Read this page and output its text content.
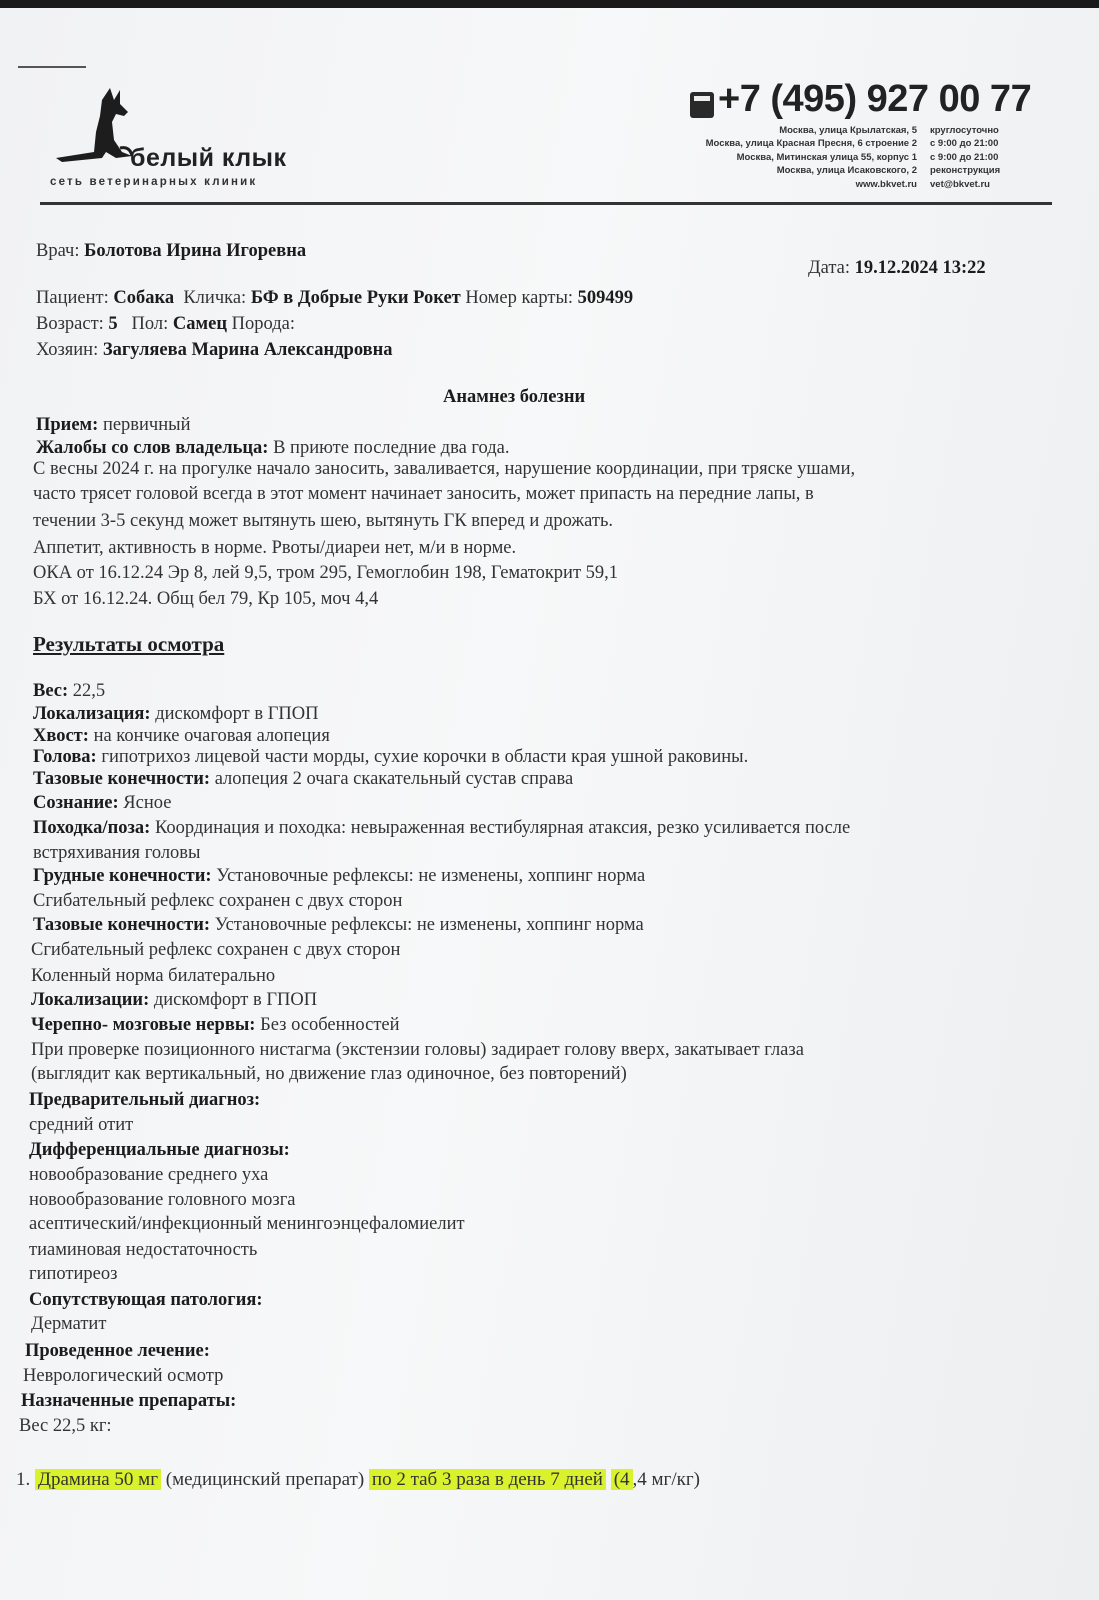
белый клык
сеть ветеринарных клиник
+7 (495) 927 00 77
Москва, улица Крылатская, 5
Москва, улица Красная Пресня, 6 строение 2
Москва, Митинская улица 55, корпус 1
Москва, улица Исаковского, 2
www.bkvet.ru
круглосуточно
с 9:00 до 21:00
с 9:00 до 21:00
реконструкция
vet@bkvet.ru
Врач: Болотова Ирина Игоревна
Дата: 19.12.2024 13:22
Пациент: Собака Кличка: БФ в Добрые Руки Рокет Номер карты: 509499
Возраст: 5 Пол: Самец Порода:
Хозяин: Загуляева Марина Александровна
Анамнез болезни
Прием: первичный
Жалобы со слов владельца: В приюте последние два года.
С весны 2024 г. на прогулке начало заносить, заваливается, нарушение координации, при тряске ушами,
часто трясет головой всегда в этот момент начинает заносить, может припасть на передние лапы, в
течении 3-5 секунд может вытянуть шею, вытянуть ГК вперед и дрожать.
Аппетит, активность в норме. Рвоты/диареи нет, м/и в норме.
ОКА от 16.12.24 Эр 8, лей 9,5, тром 295, Гемоглобин 198, Гематокрит 59,1
БХ от 16.12.24. Общ бел 79, Кр 105, моч 4,4
Результаты осмотра
Вес: 22,5
Локализация: дискомфорт в ГПОП
Хвост: на кончике очаговая алопеция
Голова: гипотрихоз лицевой части морды, сухие корочки в области края ушной раковины.
Тазовые конечности: алопеция 2 очага скакательный сустав справа
Сознание: Ясное
Походка/поза: Координация и походка: невыраженная вестибулярная атаксия, резко усиливается после
встряхивания головы
Грудные конечности: Установочные рефлексы: не изменены, хоппинг норма
Сгибательный рефлекс сохранен с двух сторон
Тазовые конечности: Установочные рефлексы: не изменены, хоппинг норма
Сгибательный рефлекс сохранен с двух сторон
Коленный норма билатерально
Локализации: дискомфорт в ГПОП
Черепно- мозговые нервы: Без особенностей
При проверке позиционного нистагма (экстензии головы) задирает голову вверх, закатывает глаза
(выглядит как вертикальный, но движение глаз одиночное, без повторений)
Предварительный диагноз:
средний отит
Дифференциальные диагнозы:
новообразование среднего уха
новообразование головного мозга
асептический/инфекционный менингоэнцефаломиелит
тиаминовая недостаточность
гипотиреоз
Сопутствующая патология:
Дерматит
Проведенное лечение:
Неврологический осмотр
Назначенные препараты:
Вес 22,5 кг:
1. Драмина 50 мг (медицинский препарат) по 2 таб 3 раза в день 7 дней (4 ,4 мг/кг)
